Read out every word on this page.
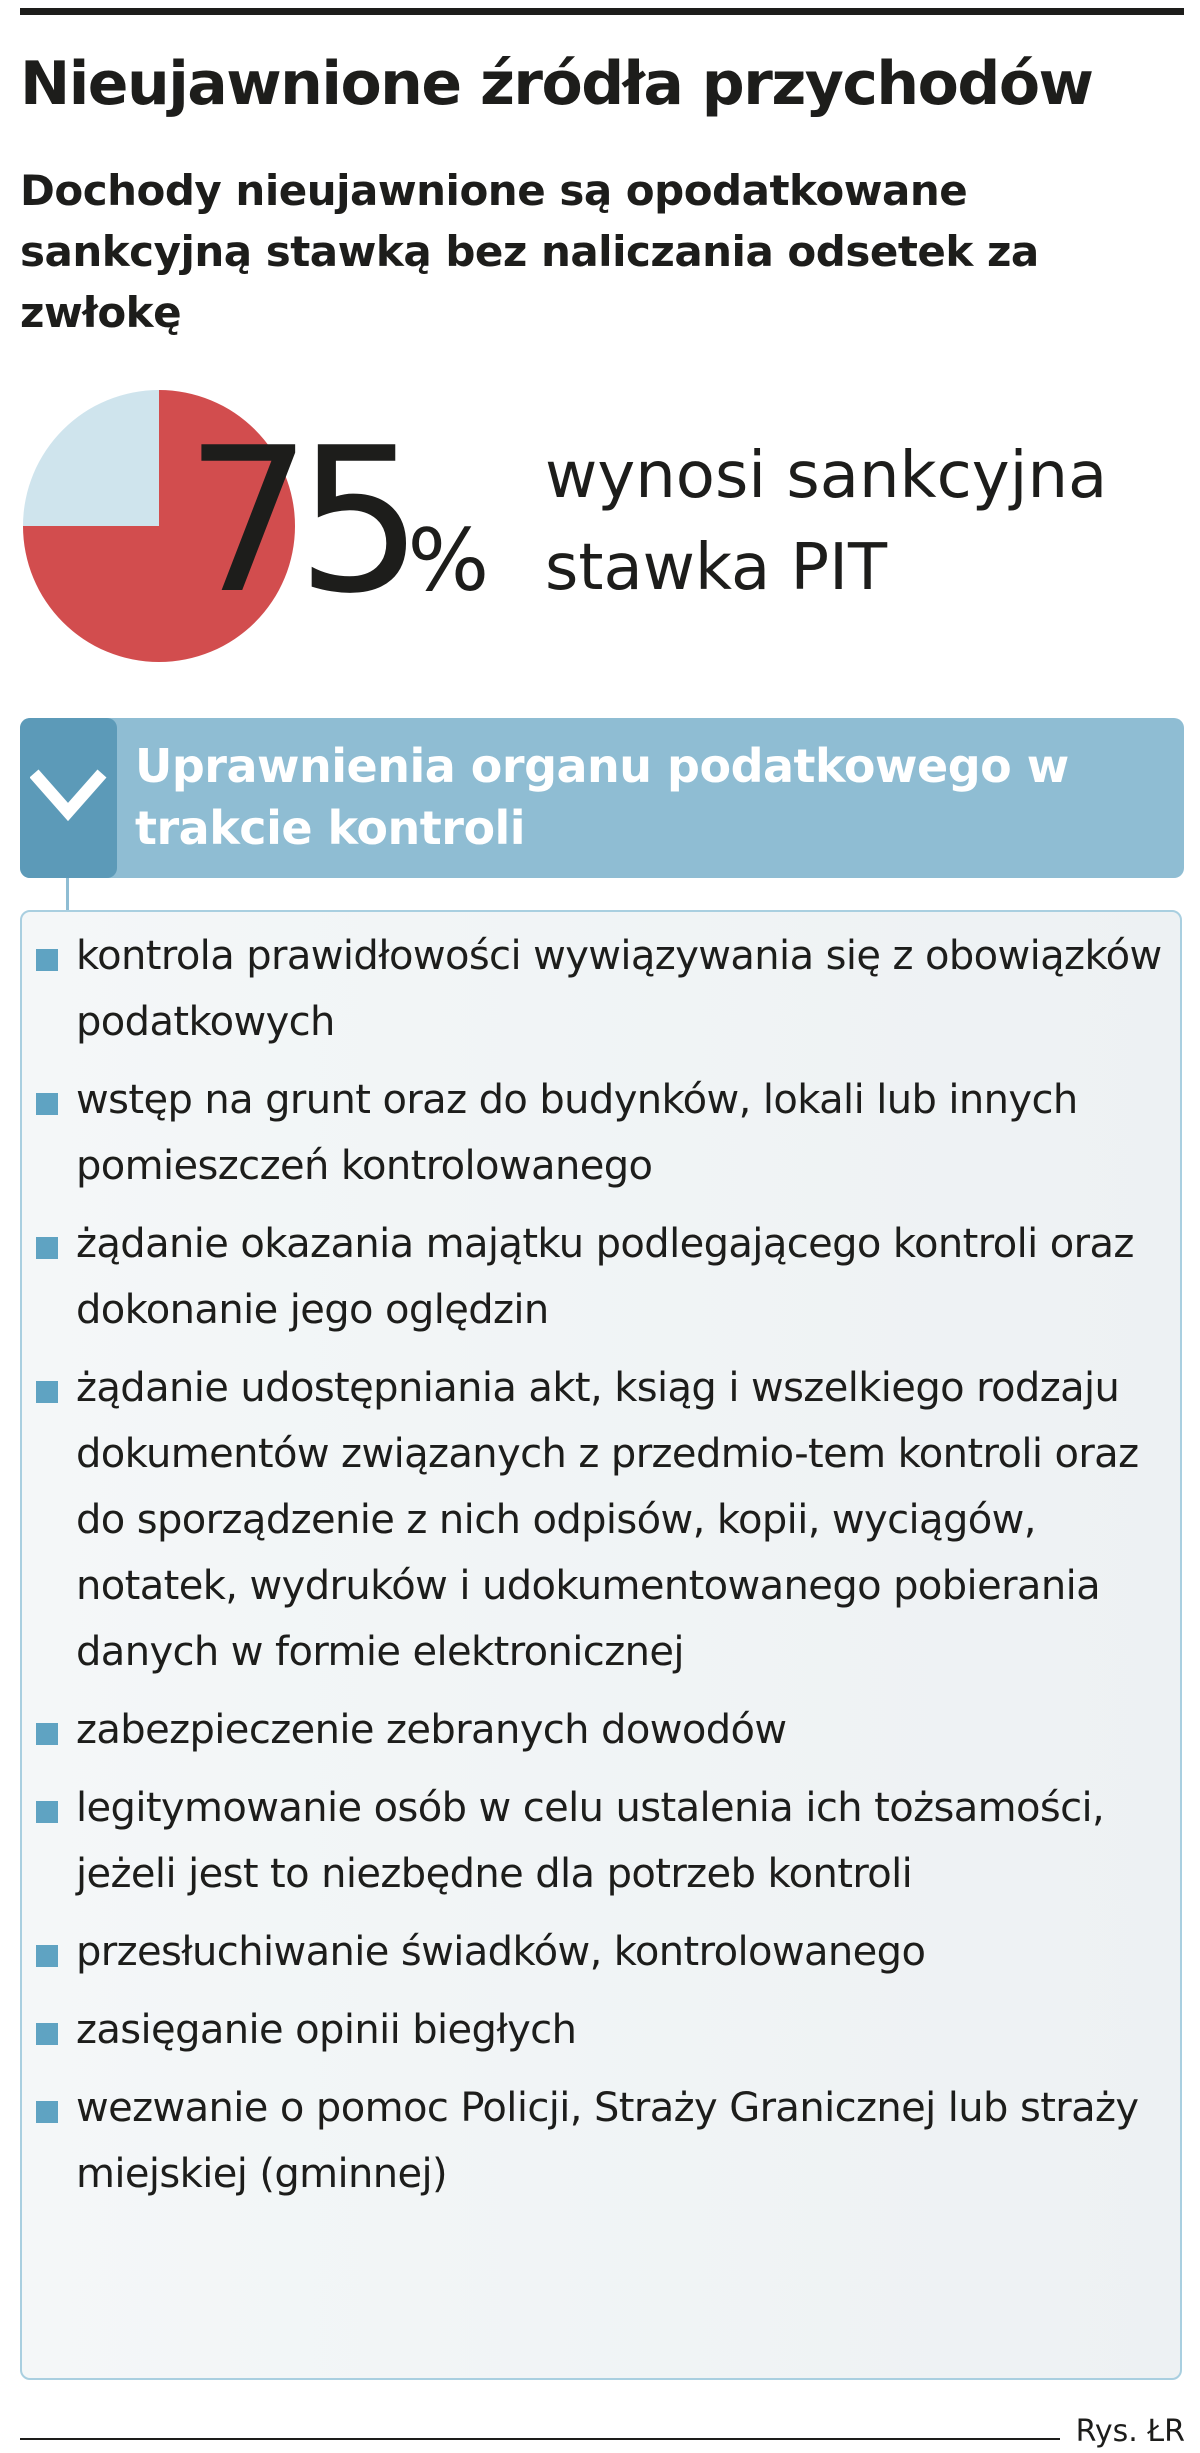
Nieujawnione źródła przychodów

Dochody nieujawnione są opodatkowane sankcyjną stawką bez naliczania odsetek za zwłokę

75%

wynosi sankcyjna stawka PIT

Uprawnienia organu podatkowego w trakcie kontroli
kontrola prawidłowości wywiązywania się z obowiązków podatkowych
wstęp na grunt oraz do budynków, lokali lub innych pomieszczeń kontrolowanego
żądanie okazania majątku podlegającego kontroli oraz dokonanie jego oględzin
żądanie udostępniania akt, ksiąg i wszelkiego rodzaju dokumentów związanych z przedmio-tem kontroli oraz do sporządzenie z nich odpisów, kopii, wyciągów, notatek, wydruków i udokumentowanego pobierania danych w formie elektronicznej
zabezpieczenie zebranych dowodów
legitymowanie osób w celu ustalenia ich tożsamości, jeżeli jest to niezbędne dla potrzeb kontroli
przesłuchiwanie świadków, kontrolowanego
zasięganie opinii biegłych
wezwanie o pomoc Policji, Straży Granicznej lub straży miejskiej (gminnej)
Rys. ŁR
